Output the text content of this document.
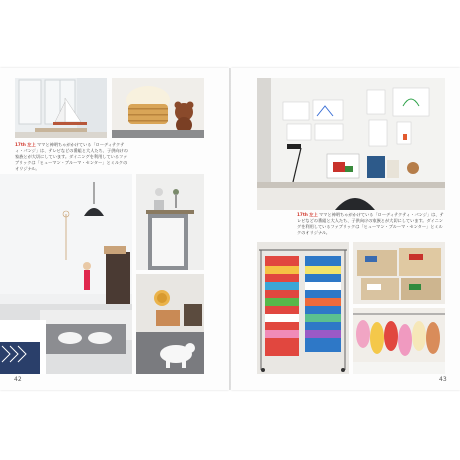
17th 左上 ママと神明ちゃがかけている「ローディテクティ・パンジ」は、テレビなどの番組と大人たち、子供向けの家族とが大切にしています。ダイニングを利用しているファブリックは「ヒューマン・ブルーマ・センター」とミルクのオリジナル。
42
17th 左上 ママと神明ちゃがかけている「ローディテクティ・パンジ」は、テレビなどの番組と大人たち、子供向けの家族とが大切にしています。ダイニングを利用しているファブリックは「ヒューマン・ブルーマ・センター」とミルクのオリジナル。
43
